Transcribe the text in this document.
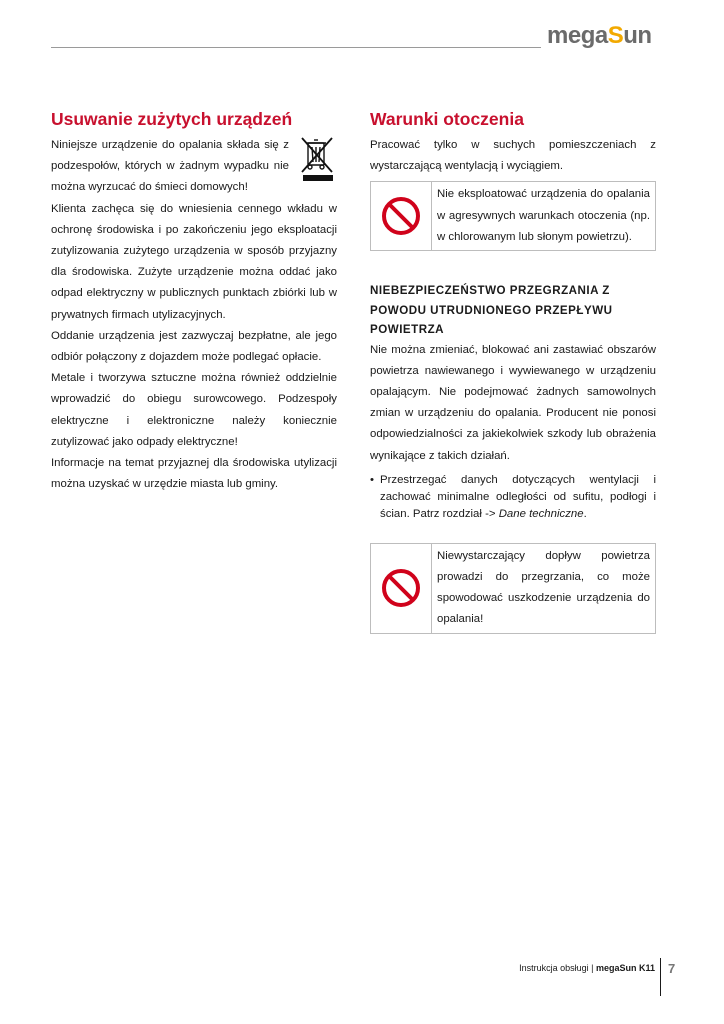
megaSun
Usuwanie zużytych urządzeń

Niniejsze urządzenie do opalania składa się z podzespołów, których w żadnym wypadku nie można wyrzucać do śmieci domowych!

Klienta zachęca się do wniesienia cennego wkładu w ochronę środowiska i po zakończeniu jego eksploatacji zutylizowania zużytego urządzenia w sposób przyjazny dla środowiska. Zużyte urządzenie można oddać jako odpad elektryczny w publicznych punktach zbiórki lub w prywatnych firmach utylizacyjnych.

Oddanie urządzenia jest zazwyczaj bezpłatne, ale jego odbiór połączony z dojazdem może podlegać opłacie.

Metale i tworzywa sztuczne można również oddzielnie wprowadzić do obiegu surowcowego. Podzespoły elektryczne i elektroniczne należy koniecznie zutylizować jako odpady elektryczne!

Informacje na temat przyjaznej dla środowiska utylizacji można uzyskać w urzędzie miasta lub gminy.

Warunki otoczenia

Pracować tylko w suchych pomieszczeniach z wystarczającą wentylacją i wyciągiem.

Nie eksploatować urządzenia do opalania w agresywnych warunkach otoczenia (np. w chlorowanym lub słonym powietrzu).
NIEBEZPIECZEŃSTWO PRZEGRZANIA Z POWODU UTRUDNIONEGO PRZEPŁYWU POWIETRZA

Nie można zmieniać, blokować ani zastawiać obszarów powietrza nawiewanego i wywiewanego w urządzeniu opalającym. Nie podejmować żadnych samowolnych zmian w urządzeniu do opalania. Producent nie ponosi odpowiedzialności za jakiekolwiek szkody lub obrażenia wynikające z takich działań.

• Przestrzegać danych dotyczących wentylacji i zachować minimalne odległości od sufitu, podłogi i ścian. Patrz rozdział -> Dane techniczne.
Niewystarczający dopływ powietrza prowadzi do przegrzania, co może spowodować uszkodzenie urządzenia do opalania!
Instrukcja obsługi | megaSun K11 7
